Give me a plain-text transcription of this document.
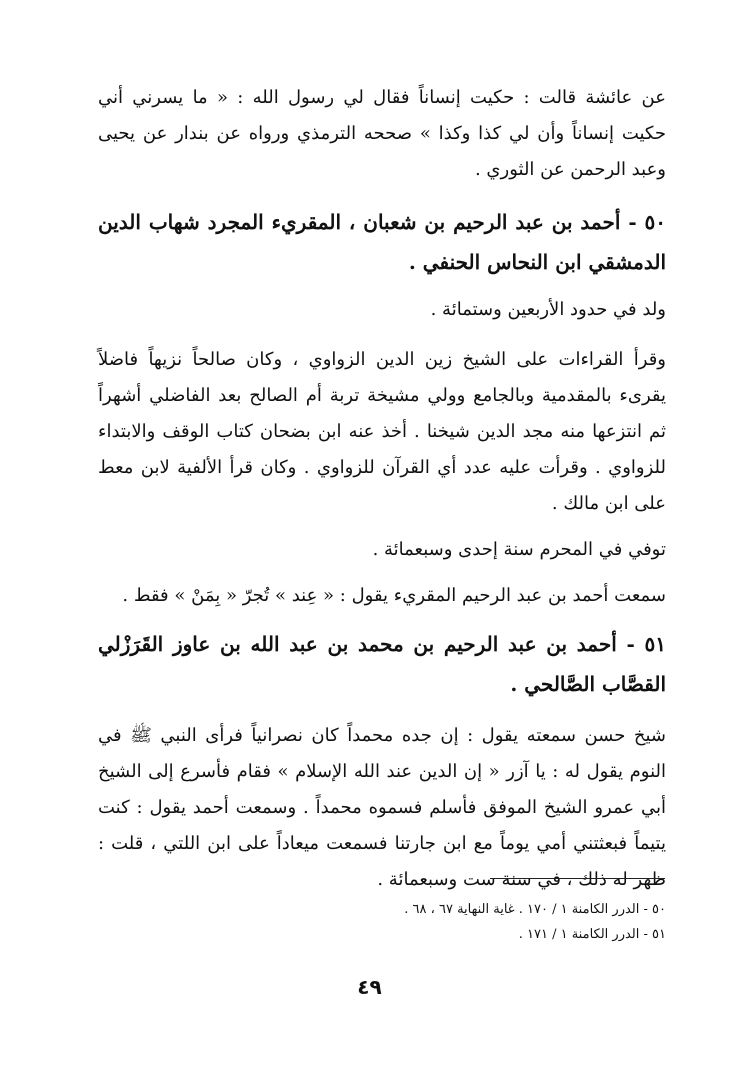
عن عائشة قالت : حكيت إنساناً فقال لي رسول الله : « ما يسرني أني حكيت إنساناً وأن لي كذا وكذا » صححه الترمذي ورواه عن بندار عن يحيى وعبد الرحمن عن الثوري .

٥٠ - أحمد بن عبد الرحيم بن شعبان ، المقريء المجرد شهاب الدين الدمشقي ابن النحاس الحنفي .

ولد في حدود الأربعين وستمائة .

وقرأ القراءات على الشيخ زين الدين الزواوي ، وكان صالحاً نزيهاً فاضلاً يقرىء بالمقدمية وبالجامع وولي مشيخة تربة أم الصالح بعد الفاضلي أشهراً ثم انتزعها منه مجد الدين شيخنا . أخذ عنه ابن بضحان كتاب الوقف والابتداء للزواوي . وقرأت عليه عدد أي القرآن للزواوي . وكان قرأ الألفية لابن معط على ابن مالك .

توفي في المحرم سنة إحدى وسبعمائة .

سمعت أحمد بن عبد الرحيم المقريء يقول : « عِند » تُجرّ « بِمَنْ » فقط .

٥١ - أحمد بن عبد الرحيم بن محمد بن عبد الله بن عاوز القَرَزْلي القصَّاب الصَّالحي .

شيخ حسن سمعته يقول : إن جده محمداً كان نصرانياً فرأى النبي ﷺ في النوم يقول له : يا آزر « إن الدين عند الله الإسلام » فقام فأسرع إلى الشيخ أبي عمرو الشيخ الموفق فأسلم فسموه محمداً . وسمعت أحمد يقول : كنت يتيماً فبعثتني أمي يوماً مع ابن جارتنا فسمعت ميعاداً على ابن اللتي ، قلت : ظهر له ذلك ، في سنة ست وسبعمائة .

٥٠ - الدرر الكامنة ١ / ١٧٠ . غاية النهاية ٦٧ ، ٦٨ .

٥١ - الدرر الكامنة ١ / ١٧١ .

٤٩
